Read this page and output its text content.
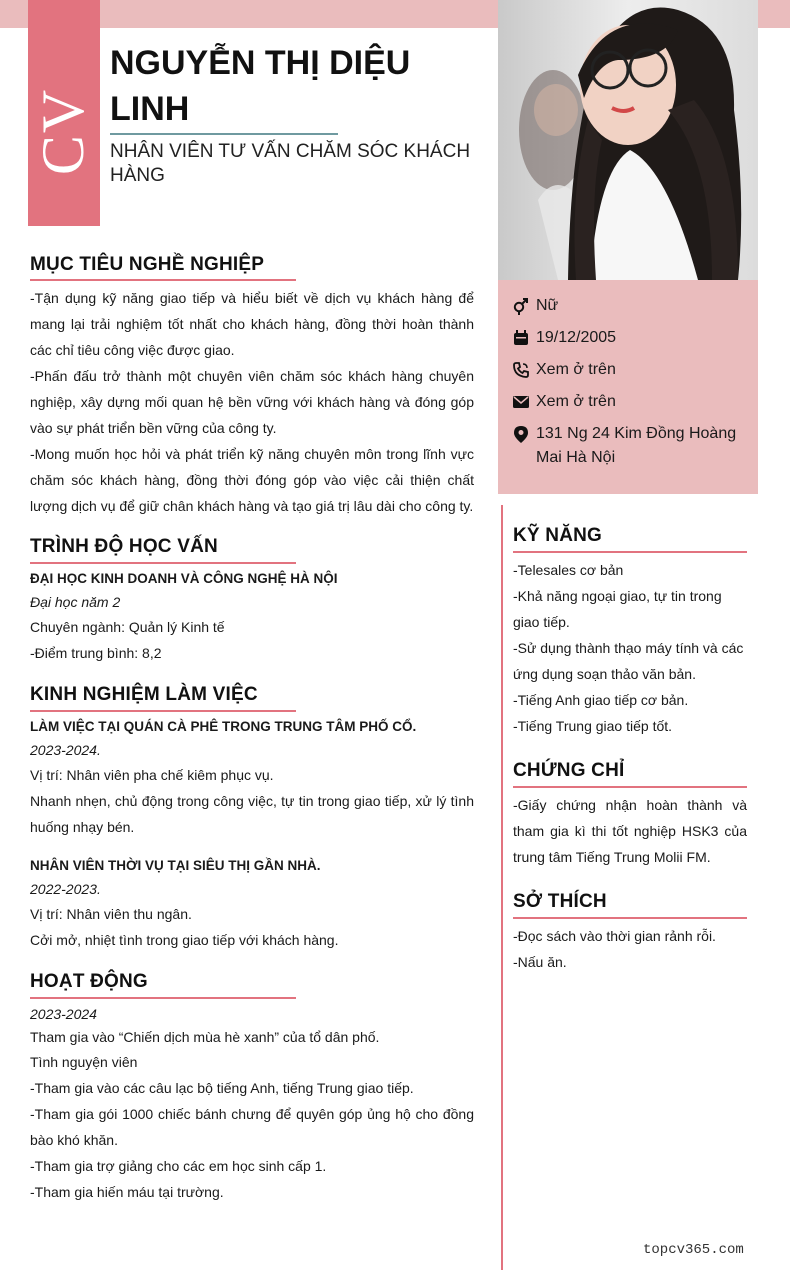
CV
NGUYỄN THỊ DIỆU LINH

NHÂN VIÊN TƯ VẤN CHĂM SÓC KHÁCH HÀNG

Nữ
19/12/2005
Xem ở trên
Xem ở trên
131 Ng 24 Kim Đồng Hoàng Mai Hà Nội
MỤC TIÊU NGHỀ NGHIỆP

-Tận dụng kỹ năng giao tiếp và hiểu biết về dịch vụ khách hàng để mang lại trải nghiệm tốt nhất cho khách hàng, đồng thời hoàn thành các chỉ tiêu công việc được giao.

-Phấn đấu trở thành một chuyên viên chăm sóc khách hàng chuyên nghiệp, xây dựng mối quan hệ bền vững với khách hàng và đóng góp vào sự phát triển bền vững của công ty.

-Mong muốn học hỏi và phát triển kỹ năng chuyên môn trong lĩnh vực chăm sóc khách hàng, đồng thời đóng góp vào việc cải thiện chất lượng dịch vụ để giữ chân khách hàng và tạo giá trị lâu dài cho công ty.

TRÌNH ĐỘ HỌC VẤN

ĐẠI HỌC KINH DOANH VÀ CÔNG NGHỆ HÀ NỘI

Đại học năm 2

Chuyên ngành: Quản lý Kinh tế

-Điểm trung bình: 8,2

KINH NGHIỆM LÀM VIỆC

LÀM VIỆC TẠI QUÁN CÀ PHÊ TRONG TRUNG TÂM PHỐ CỔ.

2023-2024.

Vị trí: Nhân viên pha chế kiêm phục vụ.

Nhanh nhẹn, chủ động trong công việc, tự tin trong giao tiếp, xử lý tình huống nhạy bén.

NHÂN VIÊN THỜI VỤ TẠI SIÊU THỊ GẦN NHÀ.

2022-2023.

Vị trí: Nhân viên thu ngân.

Cởi mở, nhiệt tình trong giao tiếp với khách hàng.

HOẠT ĐỘNG

2023-2024

Tham gia vào “Chiến dịch mùa hè xanh” của tổ dân phố.

Tình nguyện viên

-Tham gia vào các câu lạc bộ tiếng Anh, tiếng Trung giao tiếp.

-Tham gia gói 1000 chiếc bánh chưng để quyên góp ủng hộ cho đồng bào khó khăn.

-Tham gia trợ giảng cho các em học sinh cấp 1.

-Tham gia hiến máu tại trường.

KỸ NĂNG

-Telesales cơ bản

-Khả năng ngoại giao, tự tin trong giao tiếp.

-Sử dụng thành thạo máy tính và các ứng dụng soạn thảo văn bản.

-Tiếng Anh giao tiếp cơ bản.

-Tiếng Trung giao tiếp tốt.

CHỨNG CHỈ

-Giấy chứng nhận hoàn thành và tham gia kì thi tốt nghiệp HSK3 của trung tâm Tiếng Trung Molii FM.

SỞ THÍCH

-Đọc sách vào thời gian rảnh rỗi.

-Nấu ăn.

topcv365.com
